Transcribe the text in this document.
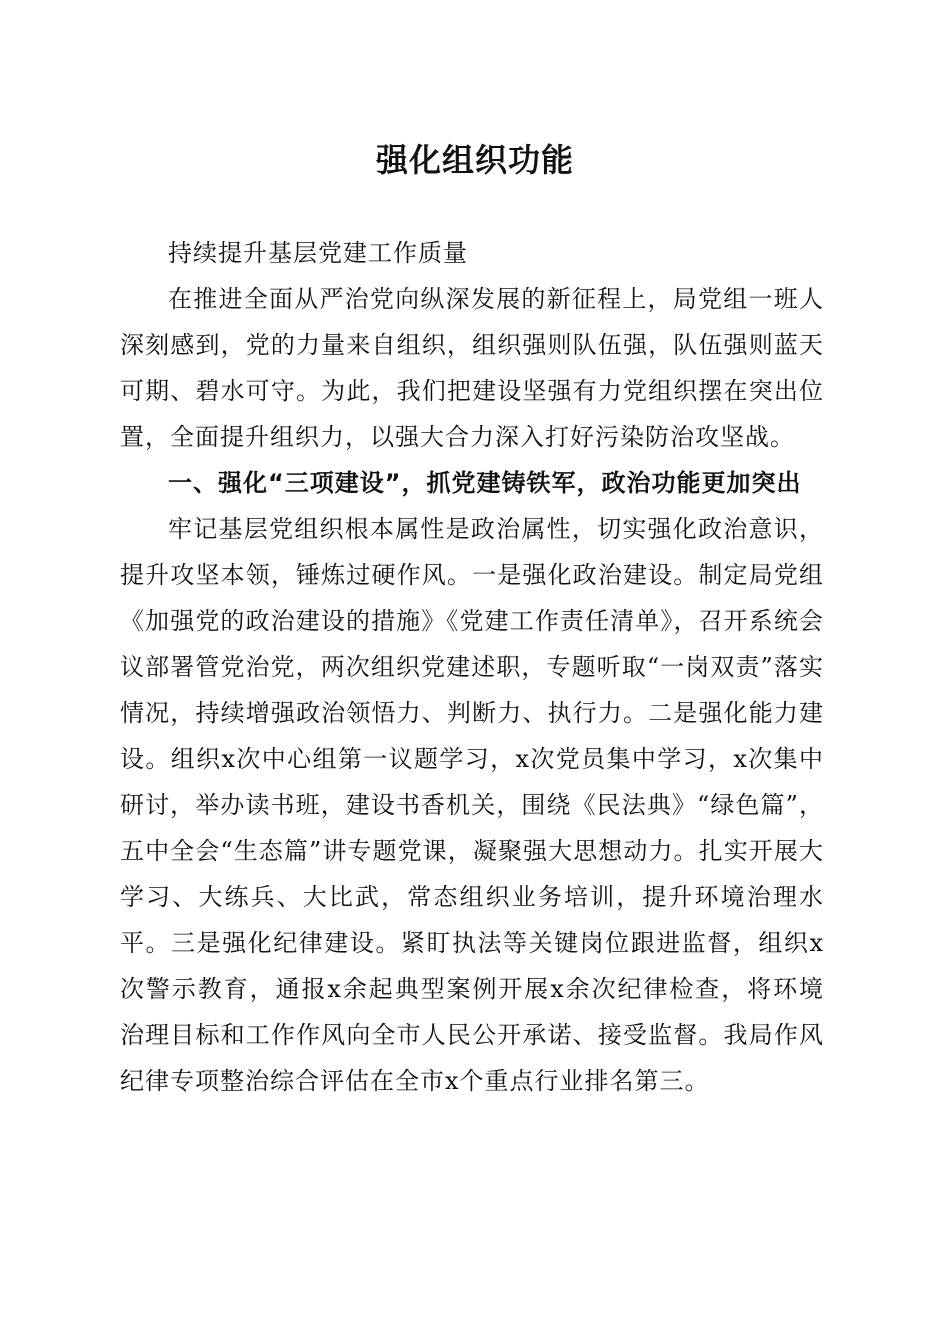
强化组织功能

持续提升基层党建工作质量

在推进全面从严治党向纵深发展的新征程上，局党组一班人深刻感到，党的力量来自组织，组织强则队伍强，队伍强则蓝天可期、碧水可守。为此，我们把建设坚强有力党组织摆在突出位置，全面提升组织力，以强大合力深入打好污染防治攻坚战。

一、强化“三项建设”，抓党建铸铁军，政治功能更加突出

牢记基层党组织根本属性是政治属性，切实强化政治意识，提升攻坚本领，锤炼过硬作风。一是强化政治建设。制定局党组《加强党的政治建设的措施》《党建工作责任清单》，召开系统会议部署管党治党，两次组织党建述职，专题听取“一岗双责”落实情况，持续增强政治领悟力、判断力、执行力。二是强化能力建设。组织x次中心组第一议题学习，x次党员集中学习，x次集中研讨，举办读书班，建设书香机关，围绕《民法典》“绿色篇”，五中全会“生态篇”讲专题党课，凝聚强大思想动力。扎实开展大学习、大练兵、大比武，常态组织业务培训，提升环境治理水平。三是强化纪律建设。紧盯执法等关键岗位跟进监督，组织x次警示教育，通报x余起典型案例开展x余次纪律检查，将环境治理目标和工作作风向全市人民公开承诺、接受监督。我局作风纪律专项整治综合评估在全市x个重点行业排名第三。
